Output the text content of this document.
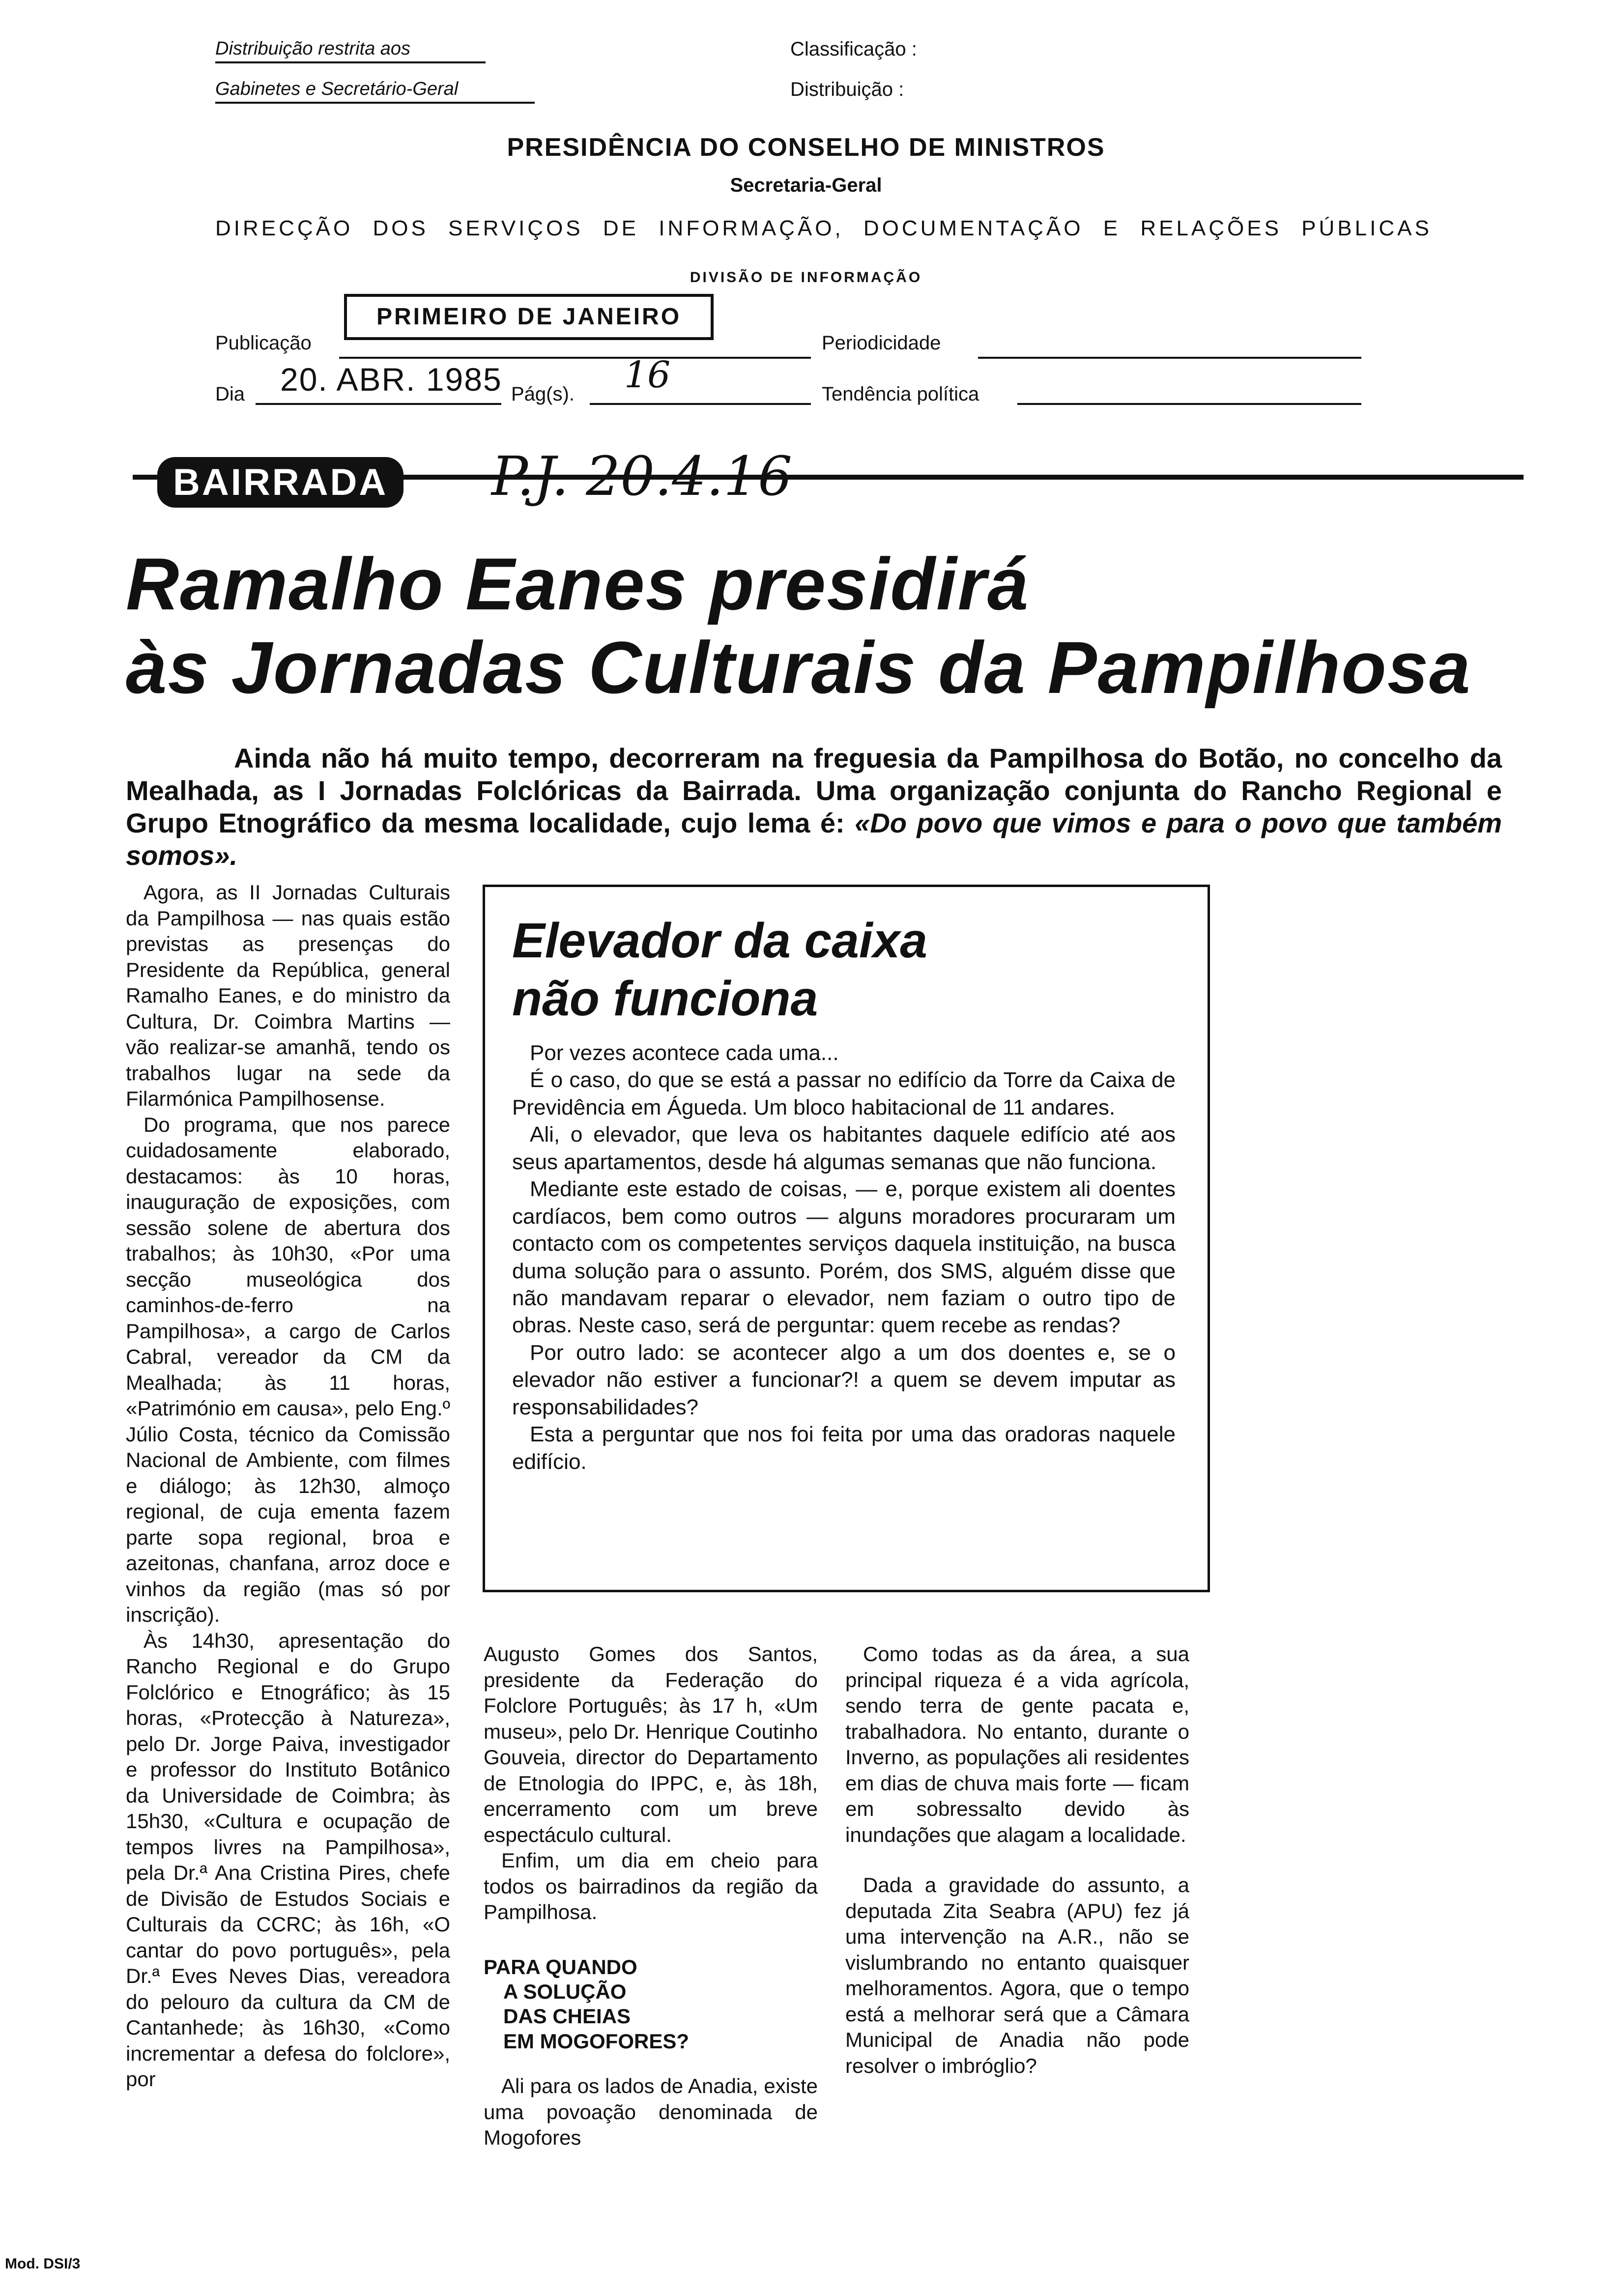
Distribuição restrita aos
Gabinetes e Secretário-Geral
Classificação :
Distribuição :
PRESIDÊNCIA DO CONSELHO DE MINISTROS
Secretaria-Geral
DIRECÇÃO DOS SERVIÇOS DE INFORMAÇÃO, DOCUMENTAÇÃO E RELAÇÕES PÚBLICAS
DIVISÃO DE INFORMAÇÃO
Publicação
PRIMEIRO DE JANEIRO
Periodicidade
Dia 20. ABR. 1985 Pág(s). 16	Tendência política
BAIRRADA P.J. 20.4.16
Ramalho Eanes presidirá
às Jornadas Culturais da Pampilhosa
Ainda não há muito tempo, decorreram na freguesia da Pampilhosa do Botão, no concelho da Mealhada, as I Jornadas Folclóricas da Bairrada. Uma organização conjunta do Rancho Regional e Grupo Etnográfico da mesma localidade, cujo lema é: «Do povo que vimos e para o povo que também somos».

Agora, as II Jornadas Culturais da Pampilhosa — nas quais estão previstas as presenças do Presidente da República, general Ramalho Eanes, e do ministro da Cultura, Dr. Coimbra Martins — vão realizar-se amanhã, tendo os trabalhos lugar na sede da Filarmónica Pampilhosense.

Do programa, que nos parece cuidadosamente elaborado, destacamos: às 10 horas, inauguração de exposições, com sessão solene de abertura dos trabalhos; às 10h30, «Por uma secção museológica dos caminhos-de-ferro na Pampilhosa», a cargo de Carlos Cabral, vereador da CM da Mealhada; às 11 horas, «Património em causa», pelo Eng.º Júlio Costa, técnico da Comissão Nacional de Ambiente, com filmes e diálogo; às 12h30, almoço regional, de cuja ementa fazem parte sopa regional, broa e azeitonas, chanfana, arroz doce e vinhos da região (mas só por inscrição).

Às 14h30, apresentação do Rancho Regional e do Grupo Folclórico e Etnográfico; às 15 horas, «Protecção à Natureza», pelo Dr. Jorge Paiva, investigador e professor do Instituto Botânico da Universidade de Coimbra; às 15h30, «Cultura e ocupação de tempos livres na Pampilhosa», pela Dr.ª Ana Cristina Pires, chefe de Divisão de Estudos Sociais e Culturais da CCRC; às 16h, «O cantar do povo português», pela Dr.ª Eves Neves Dias, vereadora do pelouro da cultura da CM de Cantanhede; às 16h30, «Como incrementar a defesa do folclore», por

Elevador da caixa
não funciona

Por vezes acontece cada uma...

É o caso, do que se está a passar no edifício da Torre da Caixa de Previdência em Águeda. Um bloco habitacional de 11 andares.

Ali, o elevador, que leva os habitantes daquele edifício até aos seus apartamentos, desde há algumas semanas que não funciona.

Mediante este estado de coisas, — e, porque existem ali doentes cardíacos, bem como outros — alguns moradores procuraram um contacto com os competentes serviços daquela instituição, na busca duma solução para o assunto. Porém, dos SMS, alguém disse que não mandavam reparar o elevador, nem faziam o outro tipo de obras. Neste caso, será de perguntar: quem recebe as rendas?

Por outro lado: se acontecer algo a um dos doentes e, se o elevador não estiver a funcionar?! a quem se devem imputar as responsabilidades?

Esta a perguntar que nos foi feita por uma das oradoras naquele edifício.

Augusto Gomes dos Santos, presidente da Federação do Folclore Português; às 17 h, «Um museu», pelo Dr. Henrique Coutinho Gouveia, director do Departamento de Etnologia do IPPC, e, às 18h, encerramento com um breve espectáculo cultural.

Enfim, um dia em cheio para todos os bairradinos da região da Pampilhosa.

PARA QUANDO
A SOLUÇÃO
DAS CHEIAS
EM MOGOFORES?

Ali para os lados de Anadia, existe uma povoação denominada de Mogofores

Como todas as da área, a sua principal riqueza é a vida agrícola, sendo terra de gente pacata e, trabalhadora. No entanto, durante o Inverno, as populações ali residentes em dias de chuva mais forte — ficam em sobressalto devido às inundações que alagam a localidade.

Dada a gravidade do assunto, a deputada Zita Seabra (APU) fez já uma intervenção na A.R., não se vislumbrando no entanto quaisquer melhoramentos. Agora, que o tempo está a melhorar será que a Câmara Municipal de Anadia não pode resolver o imbróglio?

Mod. DSI/3
